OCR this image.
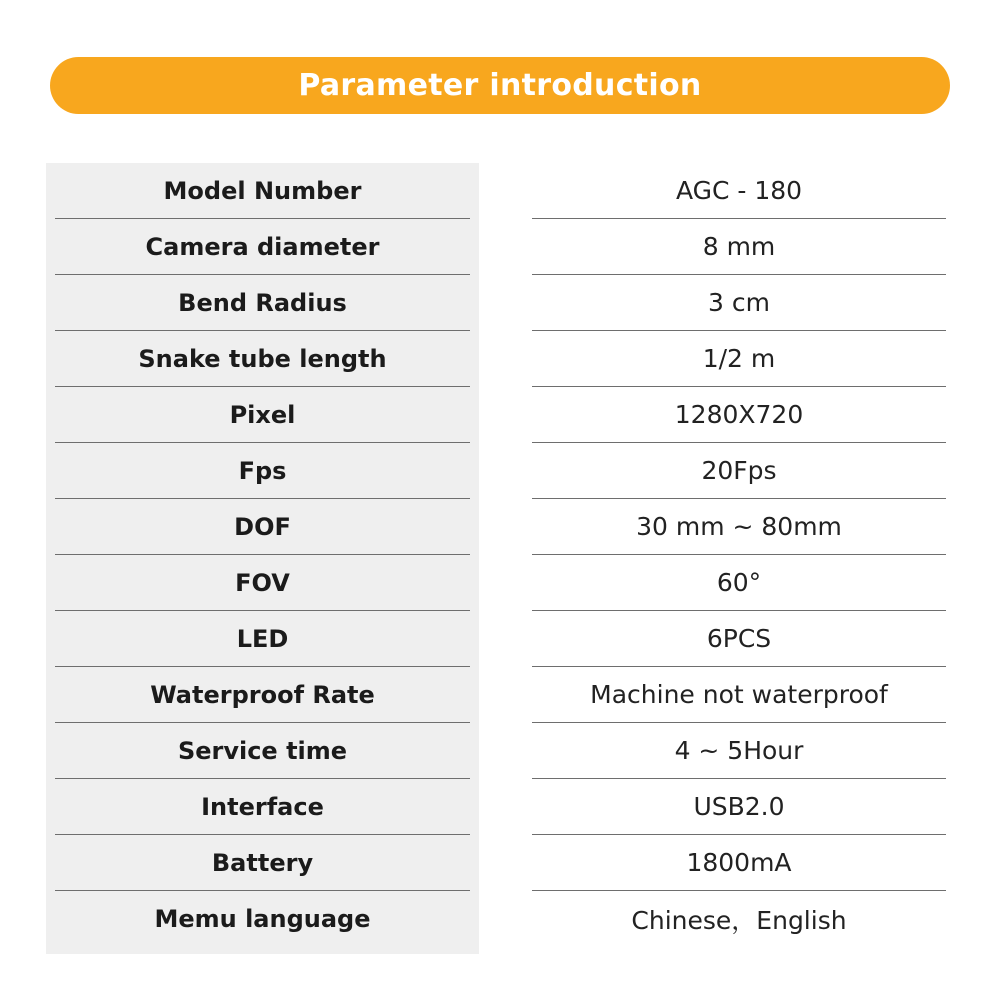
Parameter introduction
Model Number
Camera diameter
Bend Radius
Snake tube length
Pixel
Fps
DOF
FOV
LED
Waterproof Rate
Service time
Interface
Battery
Memu language
AGC - 180
8 mm
3 cm
1/2 m
1280X720
20Fps
30 mm ~ 80mm
60°
6PCS
Machine not waterproof
4 ~ 5Hour
USB2.0
1800mA
Chinese，English
